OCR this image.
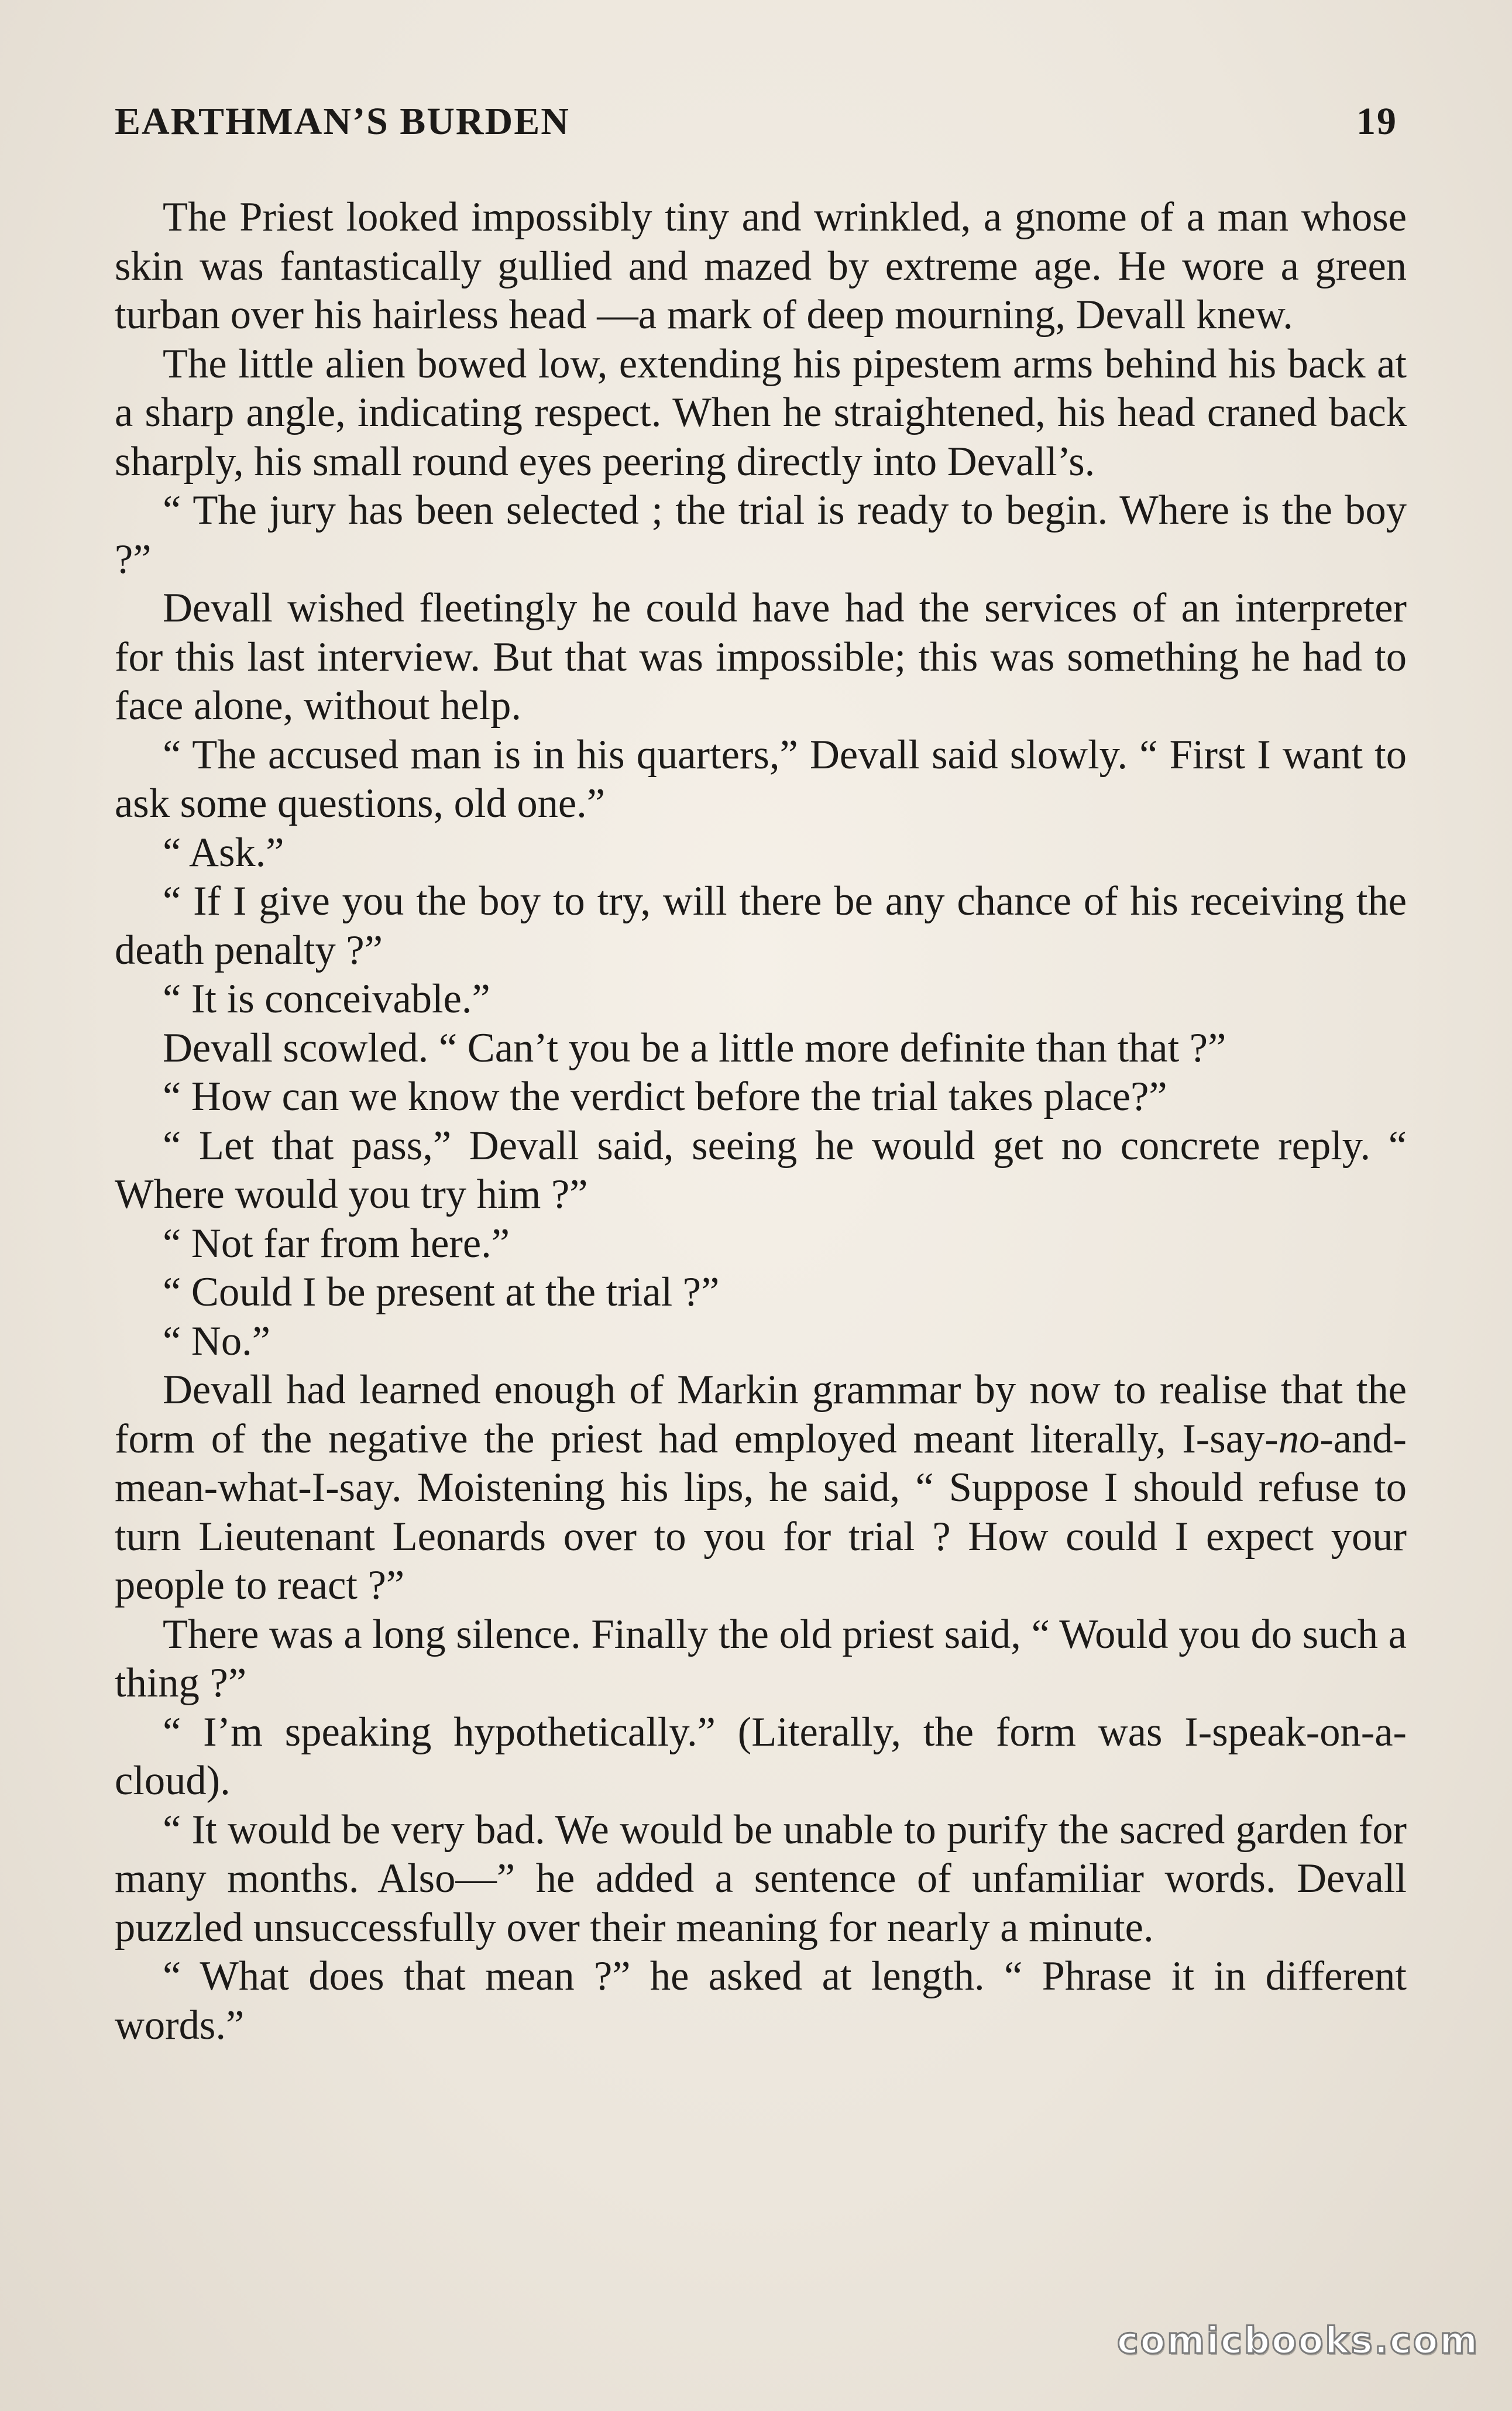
EARTHMAN’S BURDEN	19

The Priest looked impossibly tiny and wrinkled, a gnome of a man whose skin was fantastically gullied and mazed by extreme age. He wore a green turban over his hairless head —a mark of deep mourning, Devall knew.

The little alien bowed low, extending his pipestem arms behind his back at a sharp angle, indicating respect. When he straightened, his head craned back sharply, his small round eyes peering directly into Devall’s.

“ The jury has been selected ; the trial is ready to begin. Where is the boy ?”

Devall wished fleetingly he could have had the services of an interpreter for this last interview. But that was impossible; this was something he had to face alone, without help.

“ The accused man is in his quarters,” Devall said slowly. “ First I want to ask some questions, old one.”

“ Ask.”

“ If I give you the boy to try, will there be any chance of his receiving the death penalty ?”

“ It is conceivable.”

Devall scowled. “ Can’t you be a little more definite than that ?”

“ How can we know the verdict before the trial takes place?”

“ Let that pass,” Devall said, seeing he would get no concrete reply. “ Where would you try him ?”

“ Not far from here.”

“ Could I be present at the trial ?”

“ No.”

Devall had learned enough of Markin grammar by now to realise that the form of the negative the priest had employed meant literally, I-say-no-and-mean-what-I-say. Moistening his lips, he said, “ Suppose I should refuse to turn Lieutenant Leonards over to you for trial ? How could I expect your people to react ?”

There was a long silence. Finally the old priest said, “ Would you do such a thing ?”

“ I’m speaking hypothetically.” (Literally, the form was I-speak-on-a-cloud).

“ It would be very bad. We would be unable to purify the sacred garden for many months. Also—” he added a sentence of unfamiliar words. Devall puzzled unsuccessfully over their meaning for nearly a minute.

“ What does that mean ?” he asked at length. “ Phrase it in different words.”

comicbooks.com
